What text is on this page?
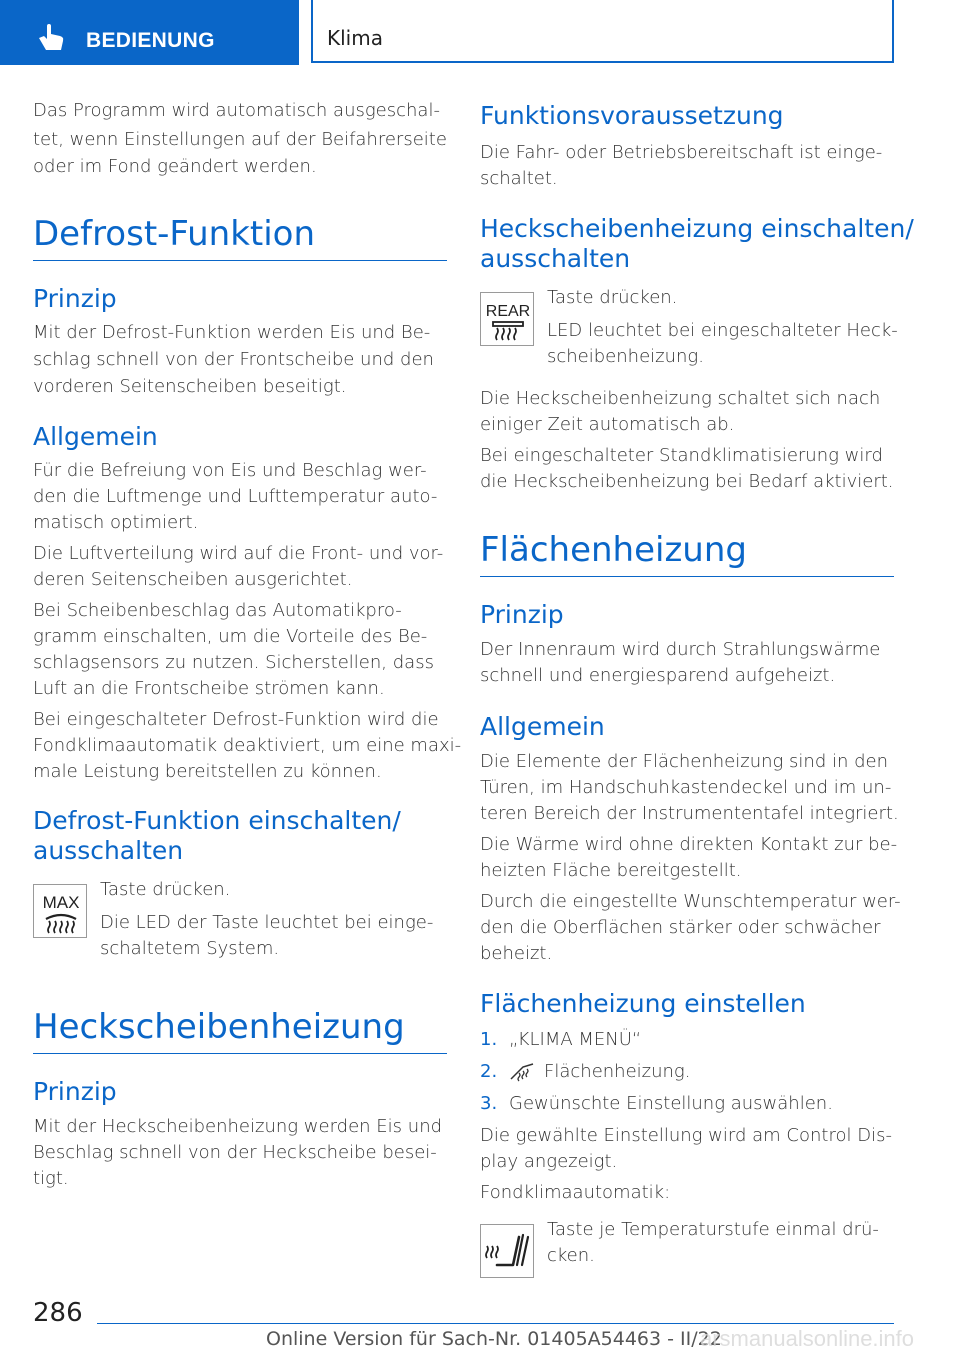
BEDIENUNG	Klima

Das Programm wird automatisch ausgeschal‐

tet, wenn Einstellungen auf der Beifahrerseite

oder im Fond geändert werden.

Defrost-Funktion
Prinzip

Mit der Defrost-Funktion werden Eis und Be‐

schlag schnell von der Frontscheibe und den

vorderen Seitenscheiben beseitigt.

Allgemein

Für die Befreiung von Eis und Beschlag wer‐

den die Luftmenge und Lufttemperatur auto‐

matisch optimiert.

Die Luftverteilung wird auf die Front- und vor‐

deren Seitenscheiben ausgerichtet.

Bei Scheibenbeschlag das Automatikpro‐

gramm einschalten, um die Vorteile des Be‐

schlagsensors zu nutzen. Sicherstellen, dass

Luft an die Frontscheibe strömen kann.

Bei eingeschalteter Defrost-Funktion wird die

Fondklimaautomatik deaktiviert, um eine maxi‐

male Leistung bereitstellen zu können.

Defrost-Funktion einschalten/
ausschalten
MAX

Taste drücken.

Die LED der Taste leuchtet bei einge‐

schaltetem System.

Heckscheibenheizung
Prinzip

Mit der Heckscheibenheizung werden Eis und

Beschlag schnell von der Heckscheibe besei‐

tigt.

Funktionsvoraussetzung

Die Fahr- oder Betriebsbereitschaft ist einge‐

schaltet.

Heckscheibenheizung einschalten/
ausschalten
REAR

Taste drücken.

LED leuchtet bei eingeschalteter Heck‐

scheibenheizung.

Die Heckscheibenheizung schaltet sich nach

einiger Zeit automatisch ab.

Bei eingeschalteter Standklimatisierung wird

die Heckscheibenheizung bei Bedarf aktiviert.

Flächenheizung
Prinzip

Der Innenraum wird durch Strahlungswärme

schnell und energiesparend aufgeheizt.

Allgemein

Die Elemente der Flächenheizung sind in den

Türen, im Handschuhkastendeckel und im un‐

teren Bereich der Instrumententafel integriert.

Die Wärme wird ohne direkten Kontakt zur be‐

heizten Fläche bereitgestellt.

Durch die eingestellte Wunschtemperatur wer‐

den die Oberflächen stärker oder schwächer

beheizt.

Flächenheizung einstellen
1. „KLIMA MENÜ“

2.	Flächenheizung.

3. Gewünschte Einstellung auswählen.

Die gewählte Einstellung wird am Control Dis‐

play angezeigt.

Fondklimaautomatik:

Taste je Temperaturstufe einmal drü‐

cken.

286
Online Version für Sach-Nr. 01405A54463 - II/22
arsmanualsonline.info
